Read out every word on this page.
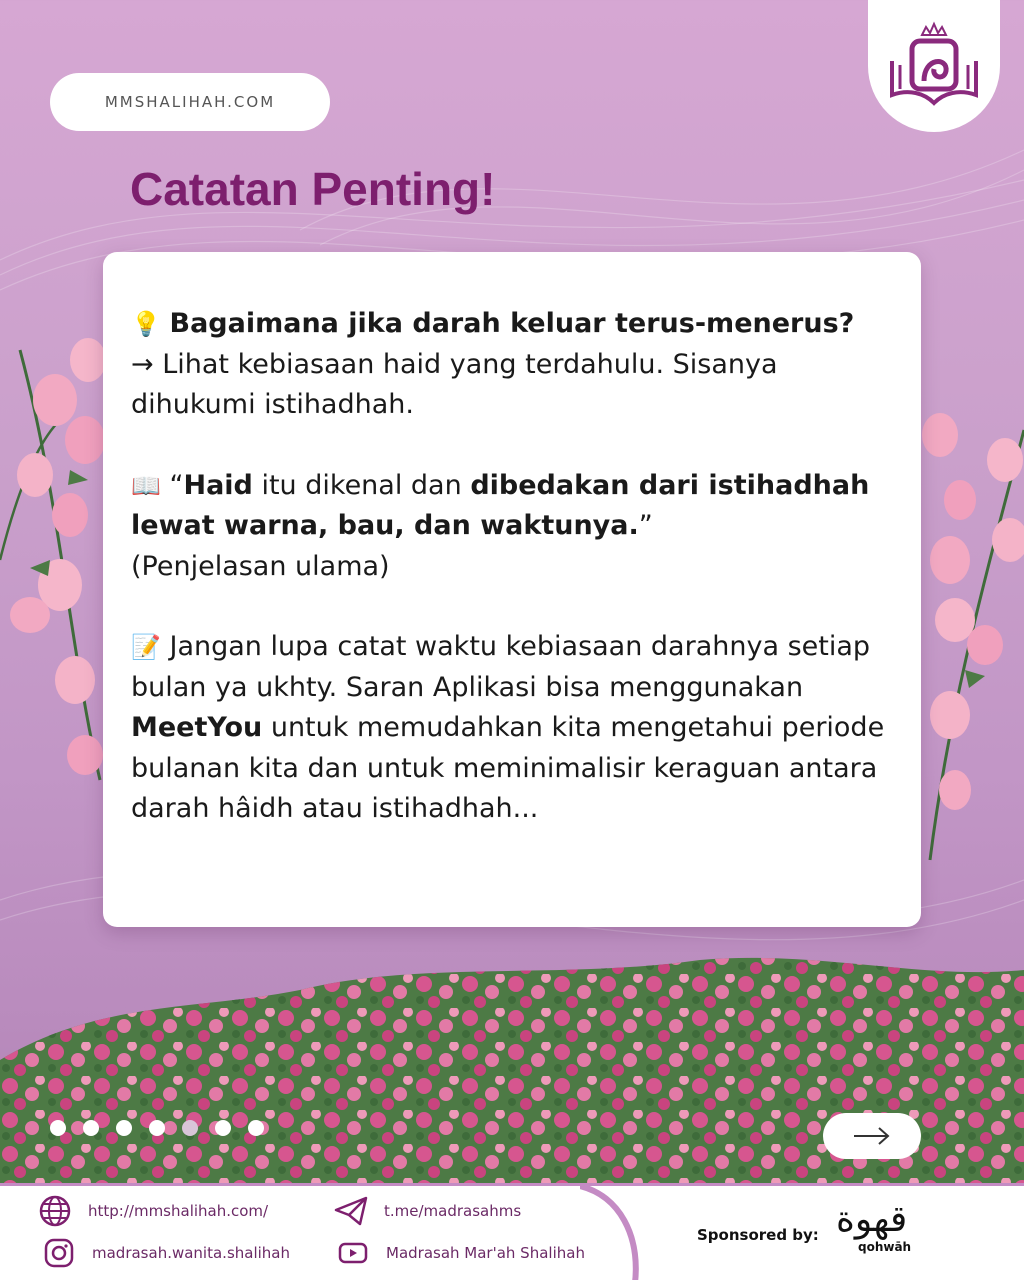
MMSHALIHAH.COM
Catatan Penting!

💡 Bagaimana jika darah keluar terus-menerus?
→ Lihat kebiasaan haid yang terdahulu. Sisanya dihukumi istihadhah.

📖 “Haid itu dikenal dan dibedakan dari istihadhah lewat warna, bau, dan waktunya.”
(Penjelasan ulama)

📝 Jangan lupa catat waktu kebiasaan darahnya setiap bulan ya ukhty. Saran Aplikasi bisa menggunakan MeetYou untuk memudahkan kita mengetahui periode bulanan kita dan untuk meminimalisir keraguan antara darah hâidh atau istihadhah...

http://mmshalihah.com/
madrasah.wanita.shalihah
t.me/madrasahms
Madrasah Mar'ah Shalihah
Sponsored by: قهوة
qohwāh
